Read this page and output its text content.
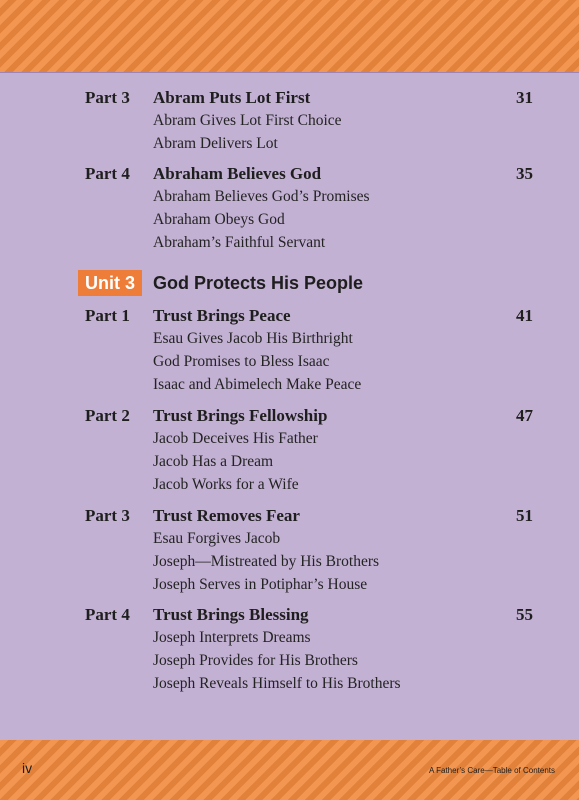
Part 3 Abram Puts Lot First	31
Abram Gives Lot First Choice
Abram Delivers Lot
Part 4 Abraham Believes God	35
Abraham Believes God’s Promises
Abraham Obeys God
Abraham’s Faithful Servant
Unit 3 God Protects His People
Part 1 Trust Brings Peace	41
Esau Gives Jacob His Birthright
God Promises to Bless Isaac
Isaac and Abimelech Make Peace
Part 2 Trust Brings Fellowship	47
Jacob Deceives His Father
Jacob Has a Dream
Jacob Works for a Wife
Part 3 Trust Removes Fear	51
Esau Forgives Jacob
Joseph—Mistreated by His Brothers
Joseph Serves in Potiphar’s House
Part 4 Trust Brings Blessing	55
Joseph Interprets Dreams
Joseph Provides for His Brothers
Joseph Reveals Himself to His Brothers
iv	A Father’s Care—Table of Contents
